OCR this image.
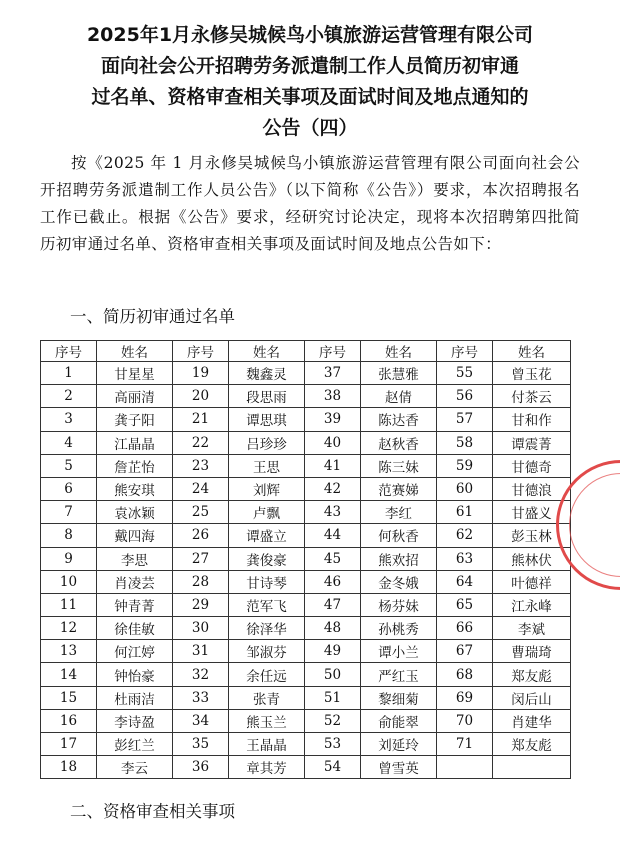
2025年1月永修吴城候鸟小镇旅游运营管理有限公司
面向社会公开招聘劳务派遣制工作人员简历初审通
过名单、资格审查相关事项及面试时间及地点通知的
公告（四）

按《2025 年 1 月永修吴城候鸟小镇旅游运营管理有限公司面向社会公开招聘劳务派遣制工作人员公告》（以下简称《公告》）要求，本次招聘报名工作已截止。根据《公告》要求，经研究讨论决定，现将本次招聘第四批简历初审通过名单、资格审查相关事项及面试时间及地点公告如下：

一、简历初审通过名单
序号	姓名	序号	姓名	序号	姓名	序号	姓名
1	甘星星	19	魏鑫灵	37	张慧雅	55	曾玉花
2	高丽清	20	段思雨	38	赵倩	56	付茶云
3	龚子阳	21	谭思琪	39	陈达香	57	甘和作
4	江晶晶	22	吕珍珍	40	赵秋香	58	谭震菁
5	詹芷怡	23	王思	41	陈三妹	59	甘德奇
6	熊安琪	24	刘辉	42	范赛娣	60	甘德浪
7	袁冰颖	25	卢飘	43	李红	61	甘盛义
8	戴四海	26	谭盛立	44	何秋香	62	彭玉林
9	李思	27	龚俊豪	45	熊欢招	63	熊林伏
10	肖凌芸	28	甘诗琴	46	金冬娥	64	叶德祥
11	钟青菁	29	范军飞	47	杨芬妹	65	江永峰
12	徐佳敏	30	徐泽华	48	孙桃秀	66	李斌
13	何江婷	31	邹淑芬	49	谭小兰	67	曹瑞琦
14	钟怡豪	32	余任远	50	严红玉	68	郑友彪
15	杜雨洁	33	张青	51	黎细菊	69	闵后山
16	李诗盈	34	熊玉兰	52	俞能翠	70	肖建华
17	彭红兰	35	王晶晶	53	刘延玲	71	郑友彪
18	李云	36	章其芳	54	曾雪英		
二、资格审查相关事项
